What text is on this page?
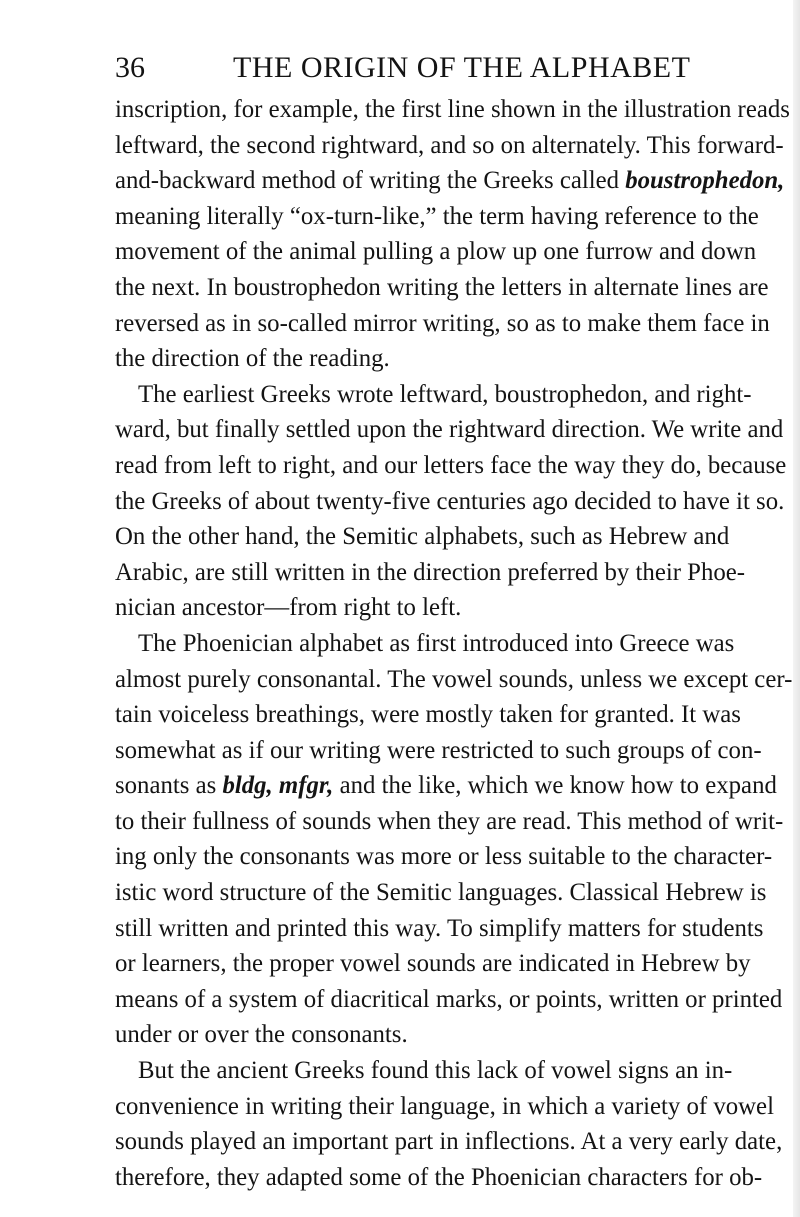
36	THE ORIGIN OF THE ALPHABET
inscription, for example, the first line shown in the illustration reads
leftward, the second rightward, and so on alternately. This forward-
and-backward method of writing the Greeks called boustrophedon,
meaning literally “ox-turn-like,” the term having reference to the
movement of the animal pulling a plow up one furrow and down
the next. In boustrophedon writing the letters in alternate lines are
reversed as in so-called mirror writing, so as to make them face in
the direction of the reading.
The earliest Greeks wrote leftward, boustrophedon, and right-
ward, but finally settled upon the rightward direction. We write and
read from left to right, and our letters face the way they do, because
the Greeks of about twenty-five centuries ago decided to have it so.
On the other hand, the Semitic alphabets, such as Hebrew and
Arabic, are still written in the direction preferred by their Phoe-
nician ancestor—from right to left.
The Phoenician alphabet as first introduced into Greece was
almost purely consonantal. The vowel sounds, unless we except cer-
tain voiceless breathings, were mostly taken for granted. It was
somewhat as if our writing were restricted to such groups of con-
sonants as bldg, mfgr, and the like, which we know how to expand
to their fullness of sounds when they are read. This method of writ-
ing only the consonants was more or less suitable to the character-
istic word structure of the Semitic languages. Classical Hebrew is
still written and printed this way. To simplify matters for students
or learners, the proper vowel sounds are indicated in Hebrew by
means of a system of diacritical marks, or points, written or printed
under or over the consonants.
But the ancient Greeks found this lack of vowel signs an in-
convenience in writing their language, in which a variety of vowel
sounds played an important part in inflections. At a very early date,
therefore, they adapted some of the Phoenician characters for ob-
